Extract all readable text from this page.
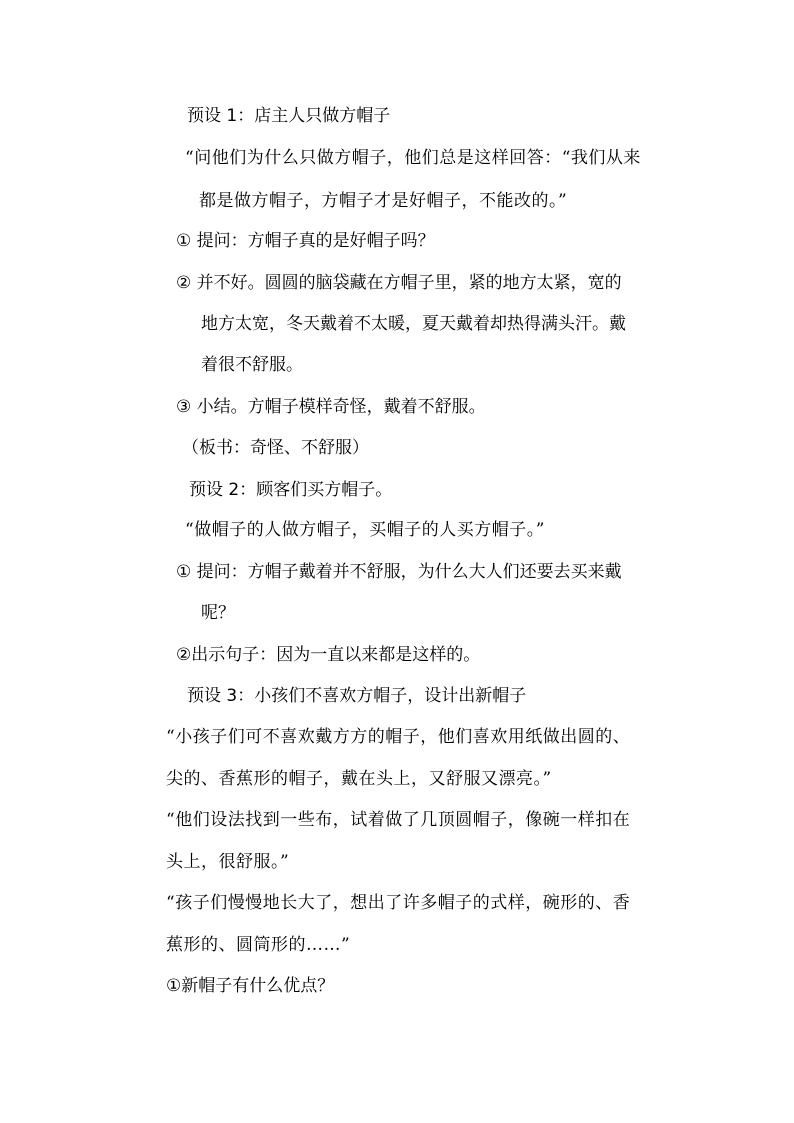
预设 1：店主人只做方帽子
“问他们为什么只做方帽子，他们总是这样回答：“我们从来
都是做方帽子，方帽子才是好帽子，不能改的。”
① 提问：方帽子真的是好帽子吗？
② 并不好。圆圆的脑袋藏在方帽子里，紧的地方太紧，宽的
地方太宽，冬天戴着不太暖，夏天戴着却热得满头汗。戴
着很不舒服。
③ 小结。方帽子模样奇怪，戴着不舒服。
（板书：奇怪、不舒服）
预设 2：顾客们买方帽子。
“做帽子的人做方帽子，买帽子的人买方帽子。”
① 提问：方帽子戴着并不舒服，为什么大人们还要去买来戴
呢？
②出示句子：因为一直以来都是这样的。
预设 3：小孩们不喜欢方帽子，设计出新帽子
“小孩子们可不喜欢戴方方的帽子，他们喜欢用纸做出圆的、
尖的、香蕉形的帽子，戴在头上，又舒服又漂亮。”
“他们设法找到一些布，试着做了几顶圆帽子，像碗一样扣在
头上，很舒服。”
“孩子们慢慢地长大了，想出了许多帽子的式样，碗形的、香
蕉形的、圆筒形的……”
①新帽子有什么优点？
